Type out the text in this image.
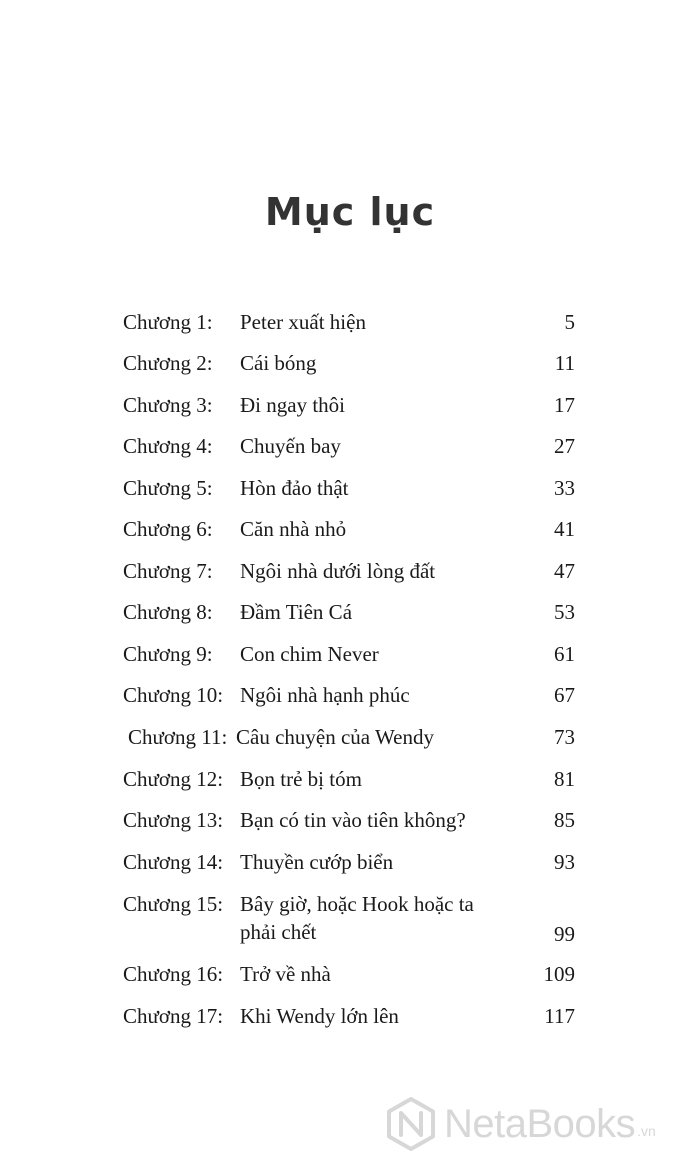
Mục lục
Chương 1: Peter xuất hiện	5
Chương 2: Cái bóng	11
Chương 3: Đi ngay thôi	17
Chương 4: Chuyến bay	27
Chương 5: Hòn đảo thật	33
Chương 6: Căn nhà nhỏ	41
Chương 7: Ngôi nhà dưới lòng đất	47
Chương 8: Đầm Tiên Cá	53
Chương 9: Con chim Never	61
Chương 10: Ngôi nhà hạnh phúc	67
Chương 11: Câu chuyện của Wendy	73
Chương 12: Bọn trẻ bị tóm	81
Chương 13: Bạn có tin vào tiên không?	85
Chương 14: Thuyền cướp biển	93
Chương 15: Bây giờ, hoặc Hook hoặc ta phải chết	99
Chương 16: Trở về nhà	109
Chương 17: Khi Wendy lớn lên	117
NetaBooks .vn
